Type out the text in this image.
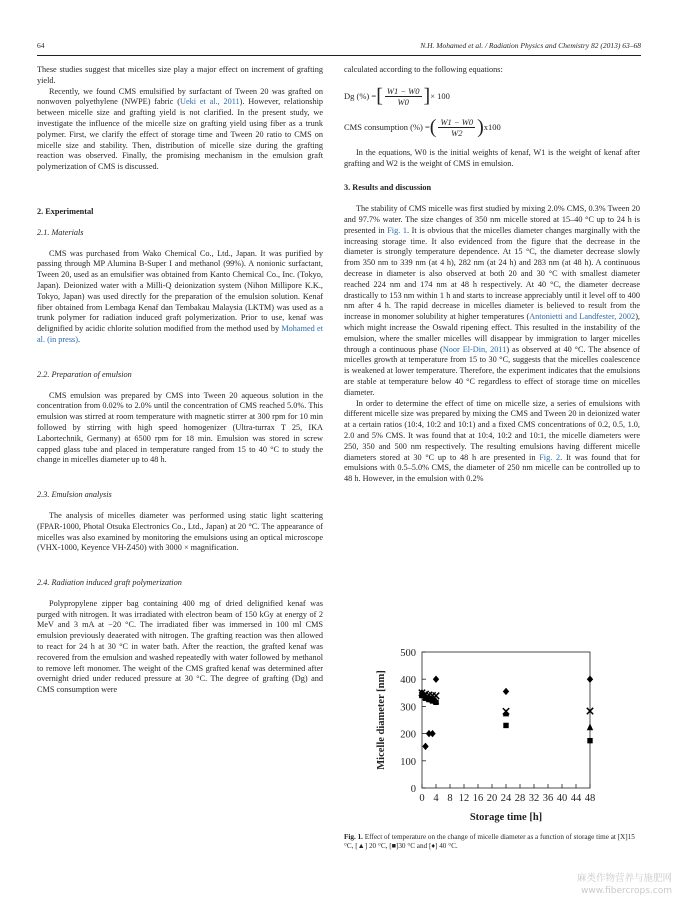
64	N.H. Mohamed et al. / Radiation Physics and Chemistry 82 (2013) 63–68

These studies suggest that micelles size play a major effect on increment of grafting yield.

Recently, we found CMS emulsified by surfactant of Tween 20 was grafted on nonwoven polyethylene (NWPE) fabric (Ueki et al., 2011). However, relationship between micelle size and grafting yield is not clarified. In the present study, we investigate the influence of the micelle size on grafting yield using fiber as a trunk polymer. First, we clarify the effect of storage time and Tween 20 ratio to CMS on micelle size and stability. Then, distribution of micelle size during the grafting reaction was observed. Finally, the promising mechanism in the emulsion graft polymerization of CMS is discussed.

2. Experimental

2.1. Materials

CMS was purchased from Wako Chemical Co., Ltd., Japan. It was purified by passing through MP Alumina B-Super I and methanol (99%). A nonionic surfactant, Tween 20, used as an emulsifier was obtained from Kanto Chemical Co., Inc. (Tokyo, Japan). Deionized water with a Milli-Q deionization system (Nihon Millipore K.K., Tokyo, Japan) was used directly for the preparation of the emulsion solution. Kenaf fiber obtained from Lembaga Kenaf dan Tembakau Malaysia (LKTM) was used as a trunk polymer for radiation induced graft polymerization. Prior to use, kenaf was delignified by acidic chlorite solution modified from the method used by Mohamed et al. (in press).

2.2. Preparation of emulsion

CMS emulsion was prepared by CMS into Tween 20 aqueous solution in the concentration from 0.02% to 2.0% until the concentration of CMS reached 5.0%. This emulsion was stirred at room temperature with magnetic stirrer at 300 rpm for 10 min followed by stirring with high speed homogenizer (Ultra-turrax T 25, IKA Labortechnik, Germany) at 6500 rpm for 18 min. Emulsion was stored in screw capped glass tube and placed in temperature ranged from 15 to 40 °C to study the change in micelles diameter up to 48 h.

2.3. Emulsion analysis

The analysis of micelles diameter was performed using static light scattering (FPAR-1000, Photal Otsuka Electronics Co., Ltd., Japan) at 20 °C. The appearance of micelles was also examined by monitoring the emulsions using an optical microscope (VHX-1000, Keyence VH-Z450) with 3000 × magnification.

2.4. Radiation induced graft polymerization

Polypropylene zipper bag containing 400 mg of dried delignified kenaf was purged with nitrogen. It was irradiated with electron beam of 150 kGy at energy of 2 MeV and 3 mA at −20 °C. The irradiated fiber was immersed in 100 ml CMS emulsion previously deaerated with nitrogen. The grafting reaction was then allowed to react for 24 h at 30 °C in water bath. After the reaction, the grafted kenaf was recovered from the emulsion and washed repeatedly with water followed by methanol to remove left monomer. The weight of the CMS grafted kenaf was determined after overnight dried under reduced pressure at 30 °C. The degree of grafting (Dg) and CMS consumption were

calculated according to the following equations:

Dg (%) = [ $\frac{W1 - W0}{W0}$ ] × 100
CMS consumption (%) = ( $\frac{W1 - W0}{W2}$ ) x100

In the equations, W0 is the initial weights of kenaf, W1 is the weight of kenaf after grafting and W2 is the weight of CMS in emulsion.

3. Results and discussion

The stability of CMS micelle was first studied by mixing 2.0% CMS, 0.3% Tween 20 and 97.7% water. The size changes of 350 nm micelle stored at 15–40 °C up to 24 h is presented in Fig. 1. It is obvious that the micelles diameter changes marginally with the increasing storage time. It also evidenced from the figure that the decrease in the diameter is strongly temperature dependence. At 15 °C, the diameter decrease slowly from 350 nm to 339 nm (at 4 h), 282 nm (at 24 h) and 283 nm (at 48 h). A continuous decrease in diameter is also observed at both 20 and 30 °C with smallest diameter reached 224 nm and 174 nm at 48 h respectively. At 40 °C, the diameter decrease drastically to 153 nm within 1 h and starts to increase appreciably until it level off to 400 nm after 4 h. The rapid decrease in micelles diameter is believed to result from the increase in monomer solubility at higher temperatures (Antonietti and Landfester, 2002), which might increase the Oswald ripening effect. This resulted in the instability of the emulsion, where the smaller micelles will disappear by immigration to larger micelles through a continuous phase (Noor El-Din, 2011) as observed at 40 °C. The absence of micelles growth at temperature from 15 to 30 °C, suggests that the micelles coalescence is weakened at lower temperature. Therefore, the experiment indicates that the emulsions are stable at temperature below 40 °C regardless to effect of storage time on micelles diameter.

In order to determine the effect of time on micelle size, a series of emulsions with different micelle size was prepared by mixing the CMS and Tween 20 in deionized water at a certain ratios (10:4, 10:2 and 10:1) and a fixed CMS concentrations of 0.2, 0.5, 1.0, 2.0 and 5% CMS. It was found that at 10:4, 10:2 and 10:1, the micelle diameters were 250, 350 and 500 nm respectively. The resulting emulsions having different micelle diameters stored at 30 °C up to 48 h are presented in Fig. 2. It was found that for emulsions with 0.5–5.0% CMS, the diameter of 250 nm micelle can be controlled up to 48 h. However, in the emulsion with 0.2%

0 4 8 12 16 20 24 28 32 36 40 44 48
0
100
200
300
400
500
Storage time [h]
Micelle diameter [nm]
Fig. 1. Effect of temperature on the change of micelle diameter as a function of storage time at [X]15 °C, [▲] 20 °C, [■]30 °C and [♦] 40 °C.
麻类作物营养与施肥网
www.fibercrops.com
